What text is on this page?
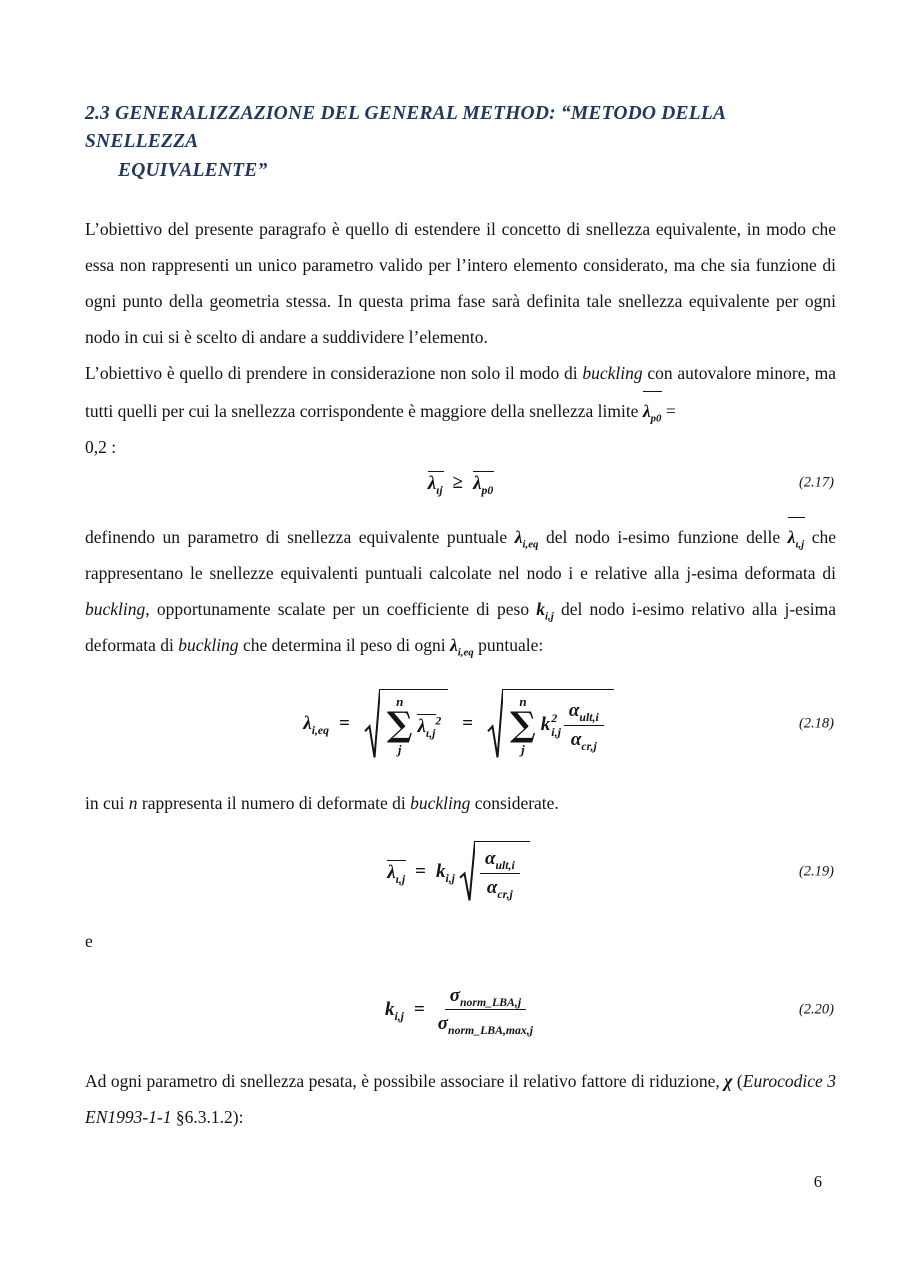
2.3 GENERALIZZAZIONE DEL GENERAL METHOD: “METODO DELLA SNELLEZZA
EQUIVALENTE”

L’obiettivo del presente paragrafo è quello di estendere il concetto di snellezza equivalente, in modo che essa non rappresenti un unico parametro valido per l’intero elemento considerato, ma che sia funzione di ogni punto della geometria stessa. In questa prima fase sarà definita tale snellezza equivalente per ogni nodo in cui si è scelto di andare a suddividere l’elemento.

L’obiettivo è quello di prendere in considerazione non solo il modo di buckling con autovalore minore, ma tutti quelli per cui la snellezza corrispondente è maggiore della snellezza limite $\lambda_{p0}$ =

0,2 :

$\lambda_{\iota j} \ge \lambda_{p0}$	(2.17)

definendo un parametro di snellezza equivalente puntuale $\lambda_{i,eq}$ del nodo i-esimo funzione delle $\lambda_{\iota,j}$ che rappresentano le snellezze equivalenti puntuali calcolate nel nodo i e relative alla j-esima deformata di buckling, opportunamente scalate per un coefficiente di peso $k_{i,j}$ del nodo i-esimo relativo alla j-esima deformata di buckling che determina il peso di ogni $\lambda_{i,eq}$ puntuale:

$\lambda_{i,eq}$ =
n
∑
j
$\lambda_{\iota,j}^2$ =
n
∑
j
k 2
$i,j \frac{\alpha_{ult,i}}{\alpha_{cr,j}}$	(2.18)

in cui n rappresenta il numero di deformate di buckling considerate.

$\lambda_{\iota,j} = k_{i,j} \frac{\alpha_{ult,i}}{\alpha_{cr,j}}$	(2.19)

e

$k_{i,j} = \frac{\sigma_{norm\_LBA,j}}{\sigma_{norm\_LBA,max,j}}$	(2.20)

Ad ogni parametro di snellezza pesata, è possibile associare il relativo fattore di riduzione, χ (Eurocodice 3 EN1993-1-1 §6.3.1.2):

6
